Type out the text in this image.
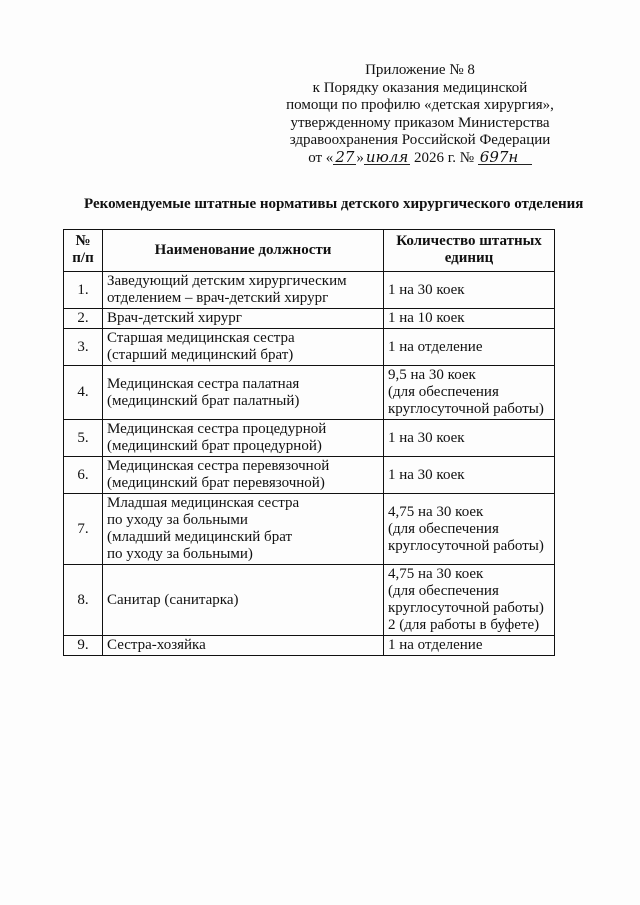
Приложение № 8
к Порядку оказания медицинской
помощи по профилю «детская хирургия»,
утвержденному приказом Министерства
здравоохранения Российской Федерации
от « 27 » июля 2026 г. № 697н
Рекомендуемые штатные нормативы детского хирургического отделения
№
п/п	Наименование должности	Количество штатных
единиц
1.	Заведующий детским хирургическим
отделением – врач-детский хирург	1 на 30 коек
2.	Врач-детский хирург	1 на 10 коек
3.	Старшая медицинская сестра
(старший медицинский брат)	1 на отделение
4.	Медицинская сестра палатная
(медицинский брат палатный)	9,5 на 30 коек
(для обеспечения
круглосуточной работы)
5.	Медицинская сестра процедурной
(медицинский брат процедурной)	1 на 30 коек
6.	Медицинская сестра перевязочной
(медицинский брат перевязочной)	1 на 30 коек
7.	Младшая медицинская сестра
по уходу за больными
(младший медицинский брат
по уходу за больными)	4,75 на 30 коек
(для обеспечения
круглосуточной работы)
8.	Санитар (санитарка)	4,75 на 30 коек
(для обеспечения
круглосуточной работы)
2 (для работы в буфете)
9.	Сестра-хозяйка	1 на отделение
